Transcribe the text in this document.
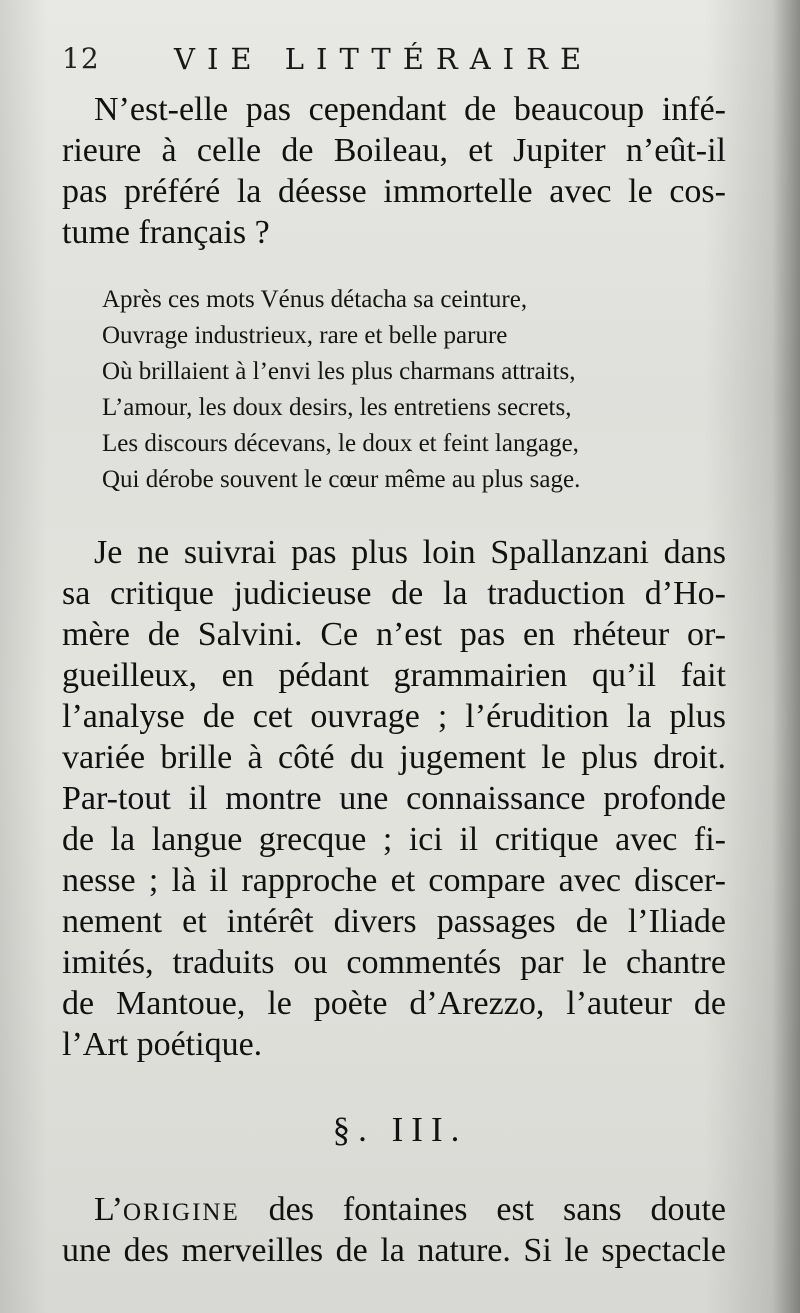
12	VIE LITTÉRAIRE
N’est-elle pas cependant de beaucoup infé-
rieure à celle de Boileau, et Jupiter n’eût-il
pas préféré la déesse immortelle avec le cos-
tume français ?
Après ces mots Vénus détacha sa ceinture,
Ouvrage industrieux, rare et belle parure
Où brillaient à l’envi les plus charmans attraits,
L’amour, les doux desirs, les entretiens secrets,
Les discours décevans, le doux et feint langage,
Qui dérobe souvent le cœur même au plus sage.
Je ne suivrai pas plus loin Spallanzani dans
sa critique judicieuse de la traduction d’Ho-
mère de Salvini. Ce n’est pas en rhéteur or-
gueilleux, en pédant grammairien qu’il fait
l’analyse de cet ouvrage ; l’érudition la plus
variée brille à côté du jugement le plus droit.
Par-tout il montre une connaissance profonde
de la langue grecque ; ici il critique avec fi-
nesse ; là il rapproche et compare avec discer-
nement et intérêt divers passages de l’Iliade
imités, traduits ou commentés par le chantre
de Mantoue, le poète d’Arezzo, l’auteur de
l’Art poétique.
§. III.
L’ORIGINE des fontaines est sans doute
une des merveilles de la nature. Si le spectacle
